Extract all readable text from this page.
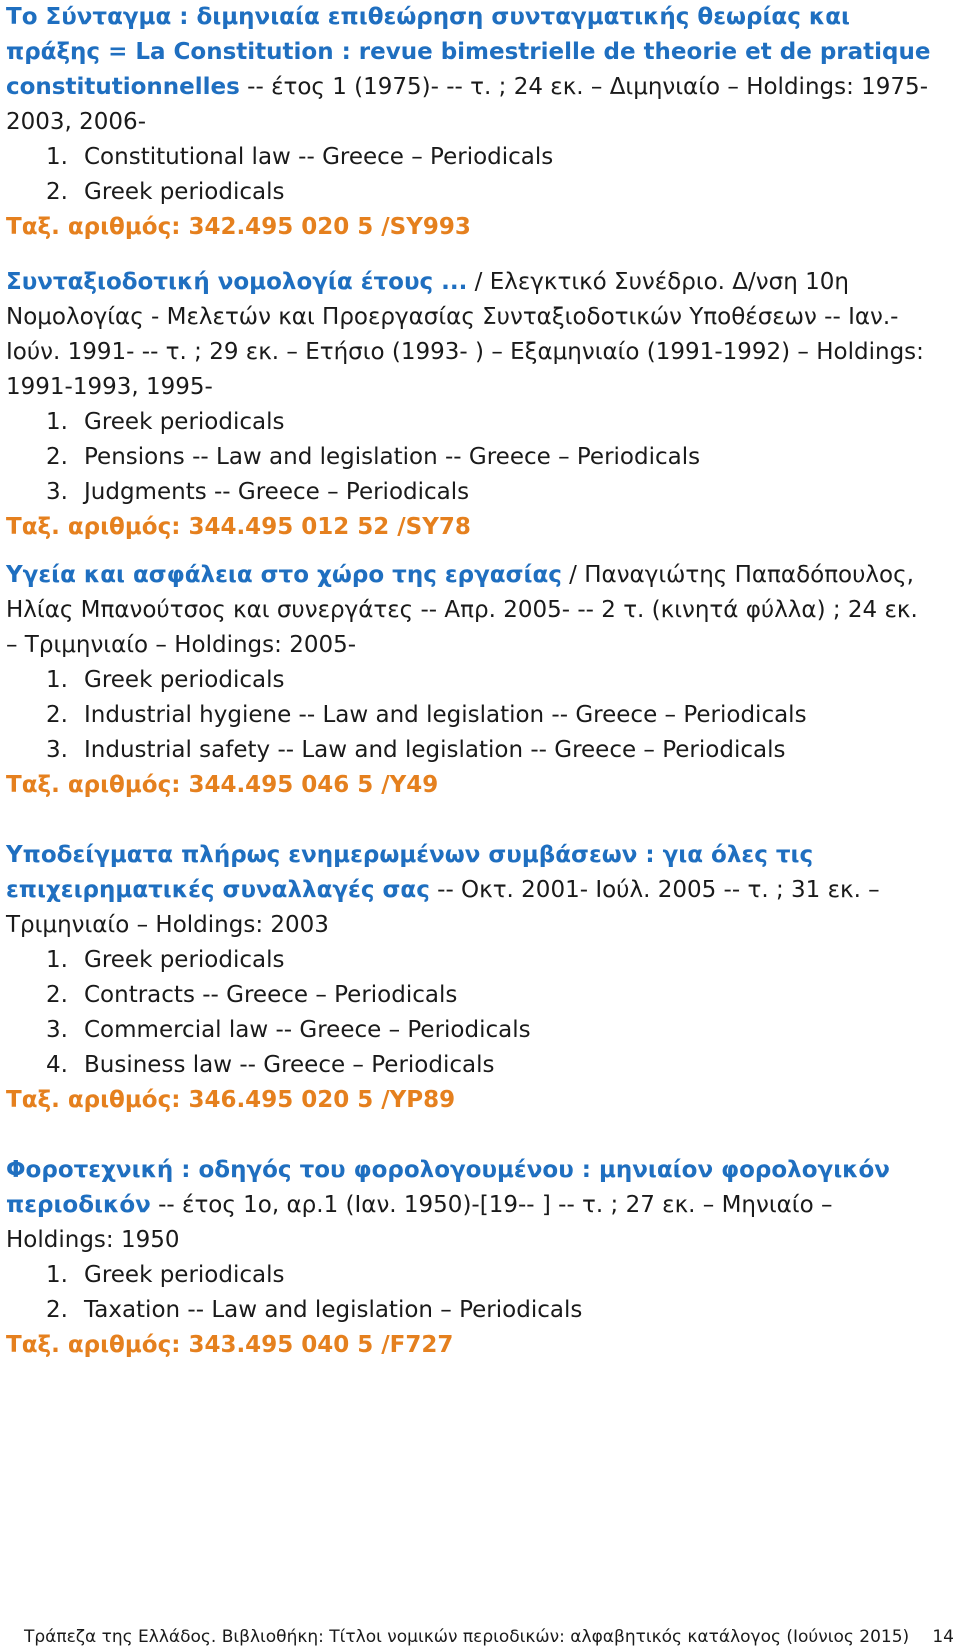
Το Σύνταγμα : διμηνιαία επιθεώρηση συνταγματικής θεωρίας και πράξης = La Constitution : revue bimestrielle de theorie et de pratique constitutionnelles -- έτος 1 (1975)- -- τ. ; 24 εκ. – Διμηνιαίο – Holdings: 1975-2003, 2006-
1. Constitutional law -- Greece – Periodicals
2. Greek periodicals
Ταξ. αριθμός: 342.495 020 5 /SY993
Συνταξιοδοτική νομολογία έτους ... / Ελεγκτικό Συνέδριο. Δ/νση 10η Νομολογίας - Μελετών και Προεργασίας Συνταξιοδοτικών Υποθέσεων -- Ιαν.-Ιούν. 1991- -- τ. ; 29 εκ. – Ετήσιο (1993- ) – Εξαμηνιαίο (1991-1992) – Holdings: 1991-1993, 1995-
1. Greek periodicals
2. Pensions -- Law and legislation -- Greece – Periodicals
3. Judgments -- Greece – Periodicals
Ταξ. αριθμός: 344.495 012 52 /SY78
Υγεία και ασφάλεια στο χώρο της εργασίας / Παναγιώτης Παπαδόπουλος, Ηλίας Μπανούτσος και συνεργάτες -- Απρ. 2005- -- 2 τ. (κινητά φύλλα) ; 24 εκ. – Τριμηνιαίο – Holdings: 2005-
1. Greek periodicals
2. Industrial hygiene -- Law and legislation -- Greece – Periodicals
3. Industrial safety -- Law and legislation -- Greece – Periodicals
Ταξ. αριθμός: 344.495 046 5 /Y49
Υποδείγματα πλήρως ενημερωμένων συμβάσεων : για όλες τις επιχειρηματικές συναλλαγές σας -- Οκτ. 2001- Ιούλ. 2005 -- τ. ; 31 εκ. – Τριμηνιαίο – Holdings: 2003
1. Greek periodicals
2. Contracts -- Greece – Periodicals
3. Commercial law -- Greece – Periodicals
4. Business law -- Greece – Periodicals
Ταξ. αριθμός: 346.495 020 5 /YP89
Φοροτεχνική : οδηγός του φορολογουμένου : μηνιαίον φορολογικόν περιοδικόν -- έτος 1ο, αρ.1 (Ιαν. 1950)-[19-- ] -- τ. ; 27 εκ. – Μηνιαίο – Holdings: 1950
1. Greek periodicals
2. Taxation -- Law and legislation – Periodicals
Ταξ. αριθμός: 343.495 040 5 /F727
Τράπεζα της Ελλάδος. Βιβλιοθήκη: Τίτλοι νομικών περιοδικών: αλφαβητικός κατάλογος (Ιούνιος 2015) 14
